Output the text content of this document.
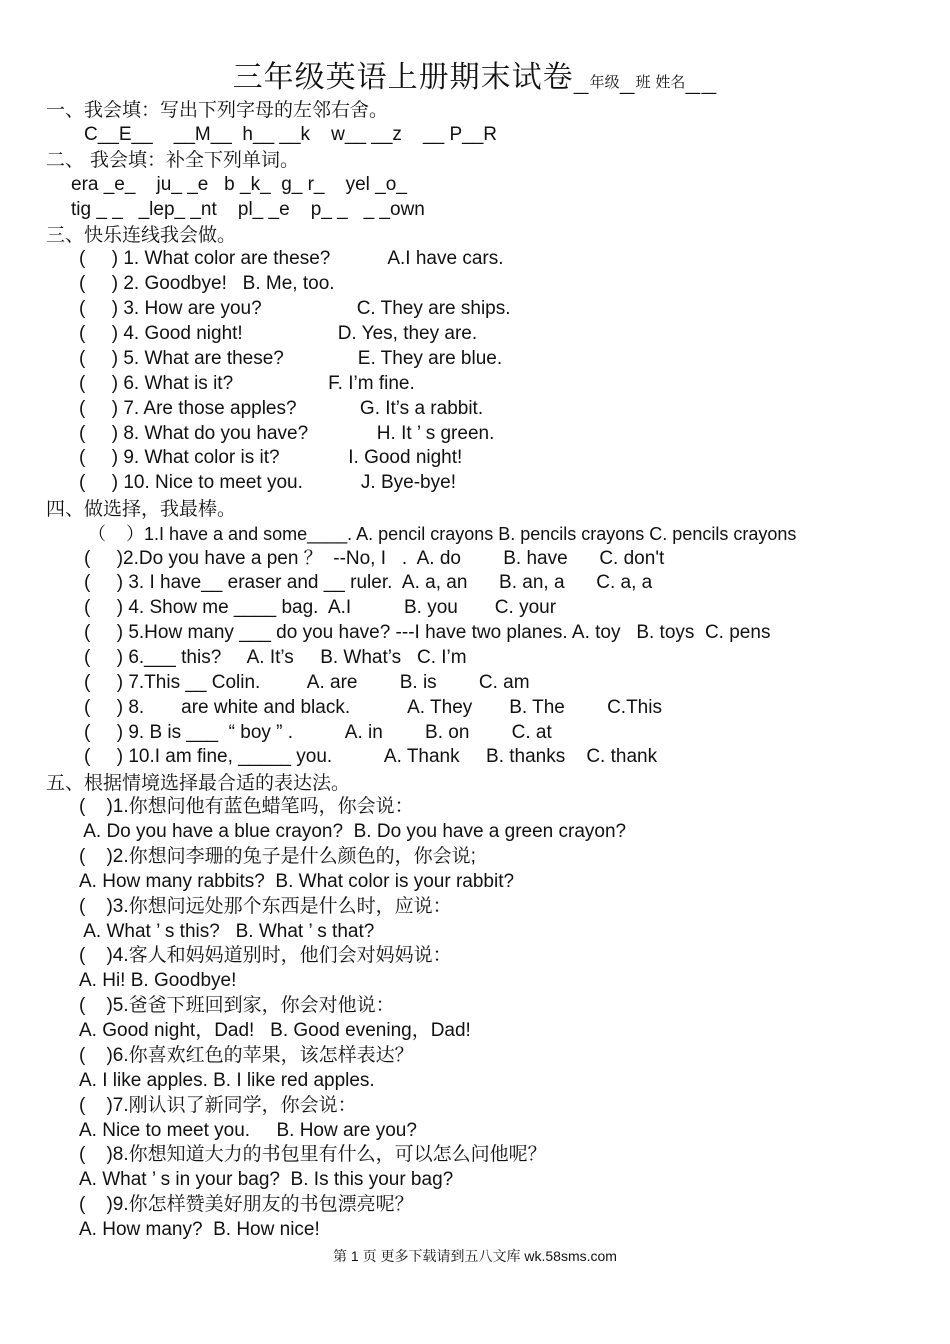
三年级英语上册期末试卷_年级_班 姓名__
一、我会填：写出下列字母的左邻右舍。
C__E__    __M__  h__ __k    w__ __z    __ P__R
二、 我会填：补全下列单词。
era _e_    ju_ _e   b _k_  g_ r_    yel _o_
tig _ _   _lep_ _nt    pl_ _e    p_ _   _ _own
三、快乐连线我会做。
(     ) 1. What color are these?           A.I have cars.
(     ) 2. Goodbye!   B. Me, too.
(     ) 3. How are you?                  C. They are ships.
(     ) 4. Good night!                  D. Yes, they are.
(     ) 5. What are these?              E. They are blue.
(     ) 6. What is it?                  F. I’m fine.
(     ) 7. Are those apples?            G. It’s a rabbit.
(     ) 8. What do you have?             H. It ’ s green.
(     ) 9. What color is it?             I. Good night!
(     ) 10. Nice to meet you.           J. Bye-bye!
四、做选择，我最棒。
（    ）1.I have a and some____. A. pencil crayons B. pencils crayons C. pencils crayons
(     )2.Do you have a pen ？  --No, I   .  A. do        B. have      C. don't
(     ) 3. I have__ eraser and __ ruler.  A. a, an      B. an, a      C. a, a
(     ) 4. Show me ____ bag.  A.I          B. you       C. your
(     ) 5.How many ___ do you have? ---I have two planes. A. toy   B. toys  C. pens
(     ) 6.___ this?     A. It’s     B. What’s   C. I’m
(     ) 7.This __ Colin.         A. are        B. is        C. am
(     ) 8.       are white and black.           A. They       B. The        C.This
(     ) 9. B is ___  “ boy ” .          A. in        B. on        C. at
(     ) 10.I am fine, _____ you.          A. Thank     B. thanks    C. thank
五、根据情境选择最合适的表达法。
(    )1.你想问他有蓝色蜡笔吗，你会说：
A. Do you have a blue crayon?  B. Do you have a green crayon?
(    )2.你想问李珊的兔子是什么颜色的，你会说;
A. How many rabbits?  B. What color is your rabbit?
(    )3.你想问远处那个东西是什么时，应说：
A. What ’ s this?   B. What ’ s that?
(    )4.客人和妈妈道别时，他们会对妈妈说：
A. Hi! B. Goodbye!
(    )5.爸爸下班回到家，你会对他说：
A. Good night，Dad!   B. Good evening，Dad!
(    )6.你喜欢红色的苹果，该怎样表达？
A. I like apples. B. I like red apples.
(    )7.刚认识了新同学，你会说：
A. Nice to meet you.     B. How are you?
(    )8.你想知道大力的书包里有什么，可以怎么问他呢？
A. What ’ s in your bag?  B. Is this your bag?
(    )9.你怎样赞美好朋友的书包漂亮呢？
A. How many?  B. How nice!
第 1 页 更多下载请到五八文库 wk.58sms.com
